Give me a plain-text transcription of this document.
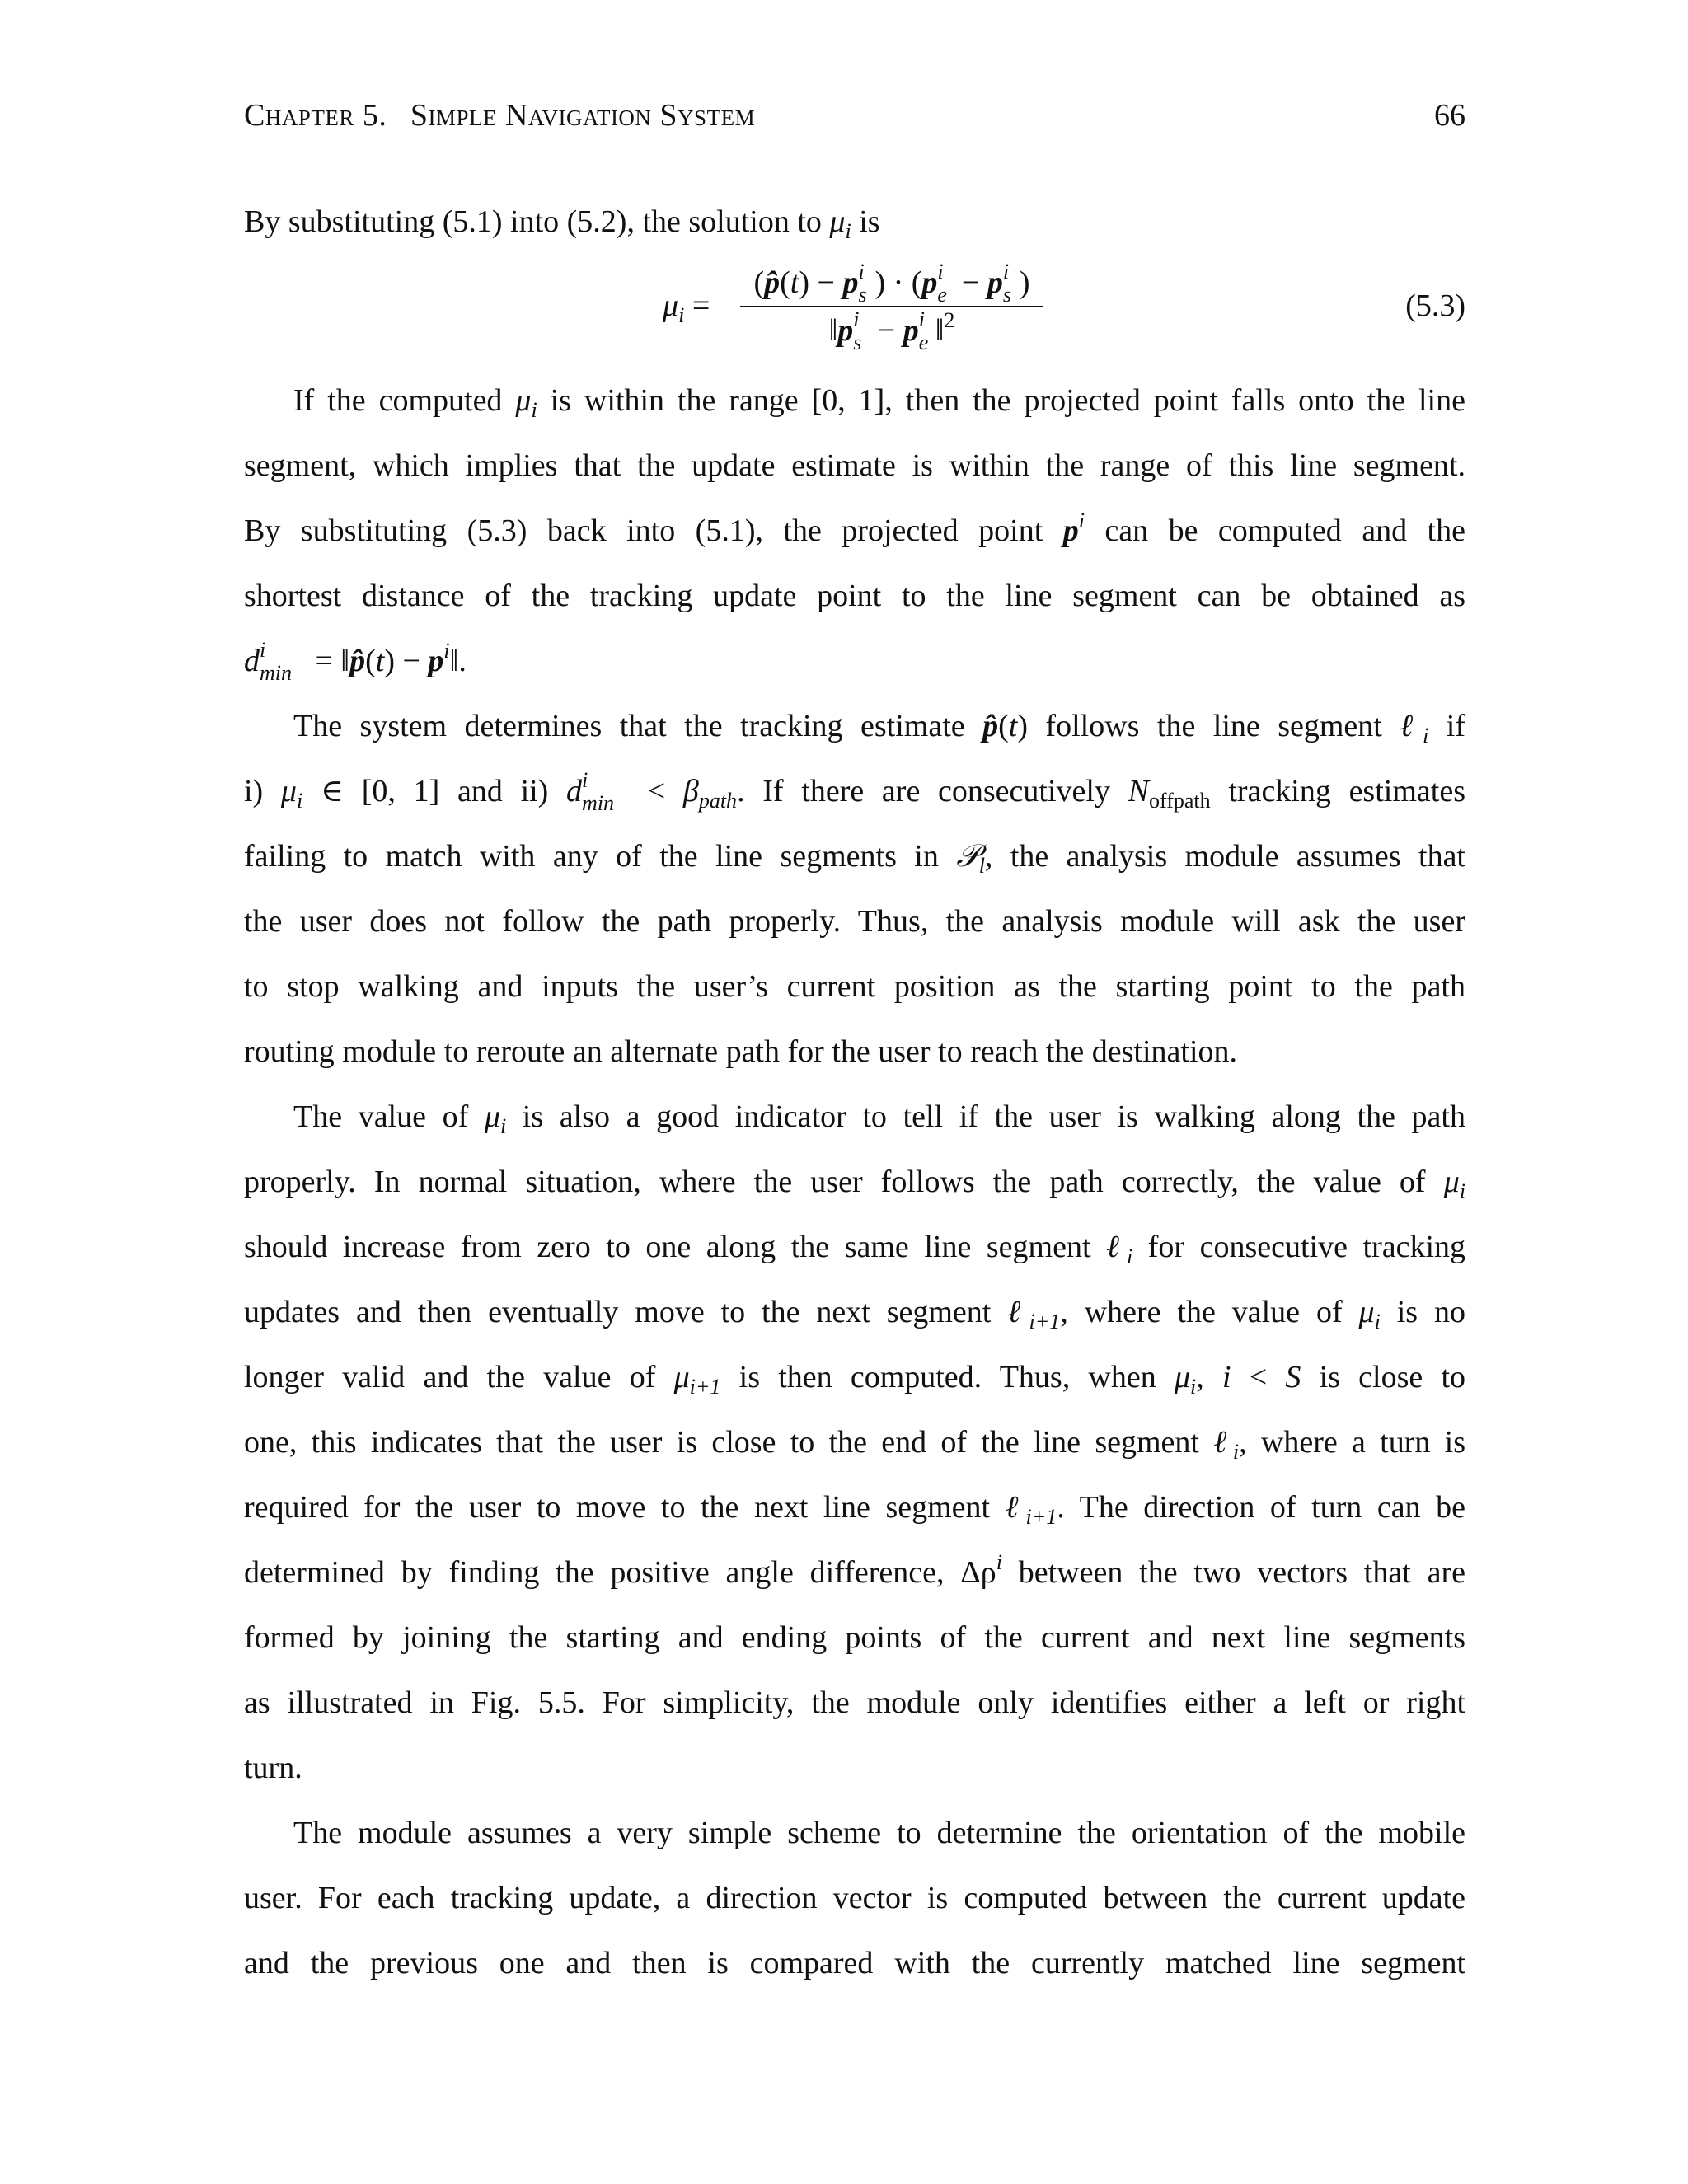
Chapter 5. Simple Navigation System	66
By substituting (5.1) into (5.2), the solution to $\mu_i$ is
$\mu_i$ =
(p̂(t) − p i
s ) · (p i
e − p i
s )
‖p i
s − p i
e ‖$^2$	(5.3)
If the computed $\mu_i$ is within the range [0, 1], then the projected point falls onto the line
segment, which implies that the update estimate is within the range of this line segment.
By substituting (5.3) back into (5.1), the projected point $p^i$ can be computed and the
shortest distance of the tracking update point to the line segment can be obtained as
d i
min = ‖p̂(t) − $p^i‖$.
The system determines that the tracking estimate p̂(t) follows the line segment ℓ$_i$ if
i) $\mu_i$ ∈ [0, 1] and ii) d i
$\min < \beta_{path}$. If there are consecutively $N_{offpath}$ tracking estimates
failing to match with any of the line segments in 𝒫$_l$, the analysis module assumes that
the user does not follow the path properly. Thus, the analysis module will ask the user
to stop walking and inputs the user’s current position as the starting point to the path
routing module to reroute an alternate path for the user to reach the destination.
The value of $\mu_i$ is also a good indicator to tell if the user is walking along the path
properly. In normal situation, where the user follows the path correctly, the value of $\mu_i$
should increase from zero to one along the same line segment ℓ$_i$ for consecutive tracking
updates and then eventually move to the next segment ℓ$_{i+1}$, where the value of $\mu_i$ is no
longer valid and the value of $\mu_{i+1}$ is then computed. Thus, when $\mu_i$, i < S is close to
one, this indicates that the user is close to the end of the line segment ℓ$_i$, where a turn is
required for the user to move to the next line segment ℓ$_{i+1}$. The direction of turn can be
determined by finding the positive angle difference, $\Delta\rho^i$ between the two vectors that are
formed by joining the starting and ending points of the current and next line segments
as illustrated in Fig. 5.5. For simplicity, the module only identifies either a left or right
turn.
The module assumes a very simple scheme to determine the orientation of the mobile
user. For each tracking update, a direction vector is computed between the current update
and the previous one and then is compared with the currently matched line segment
